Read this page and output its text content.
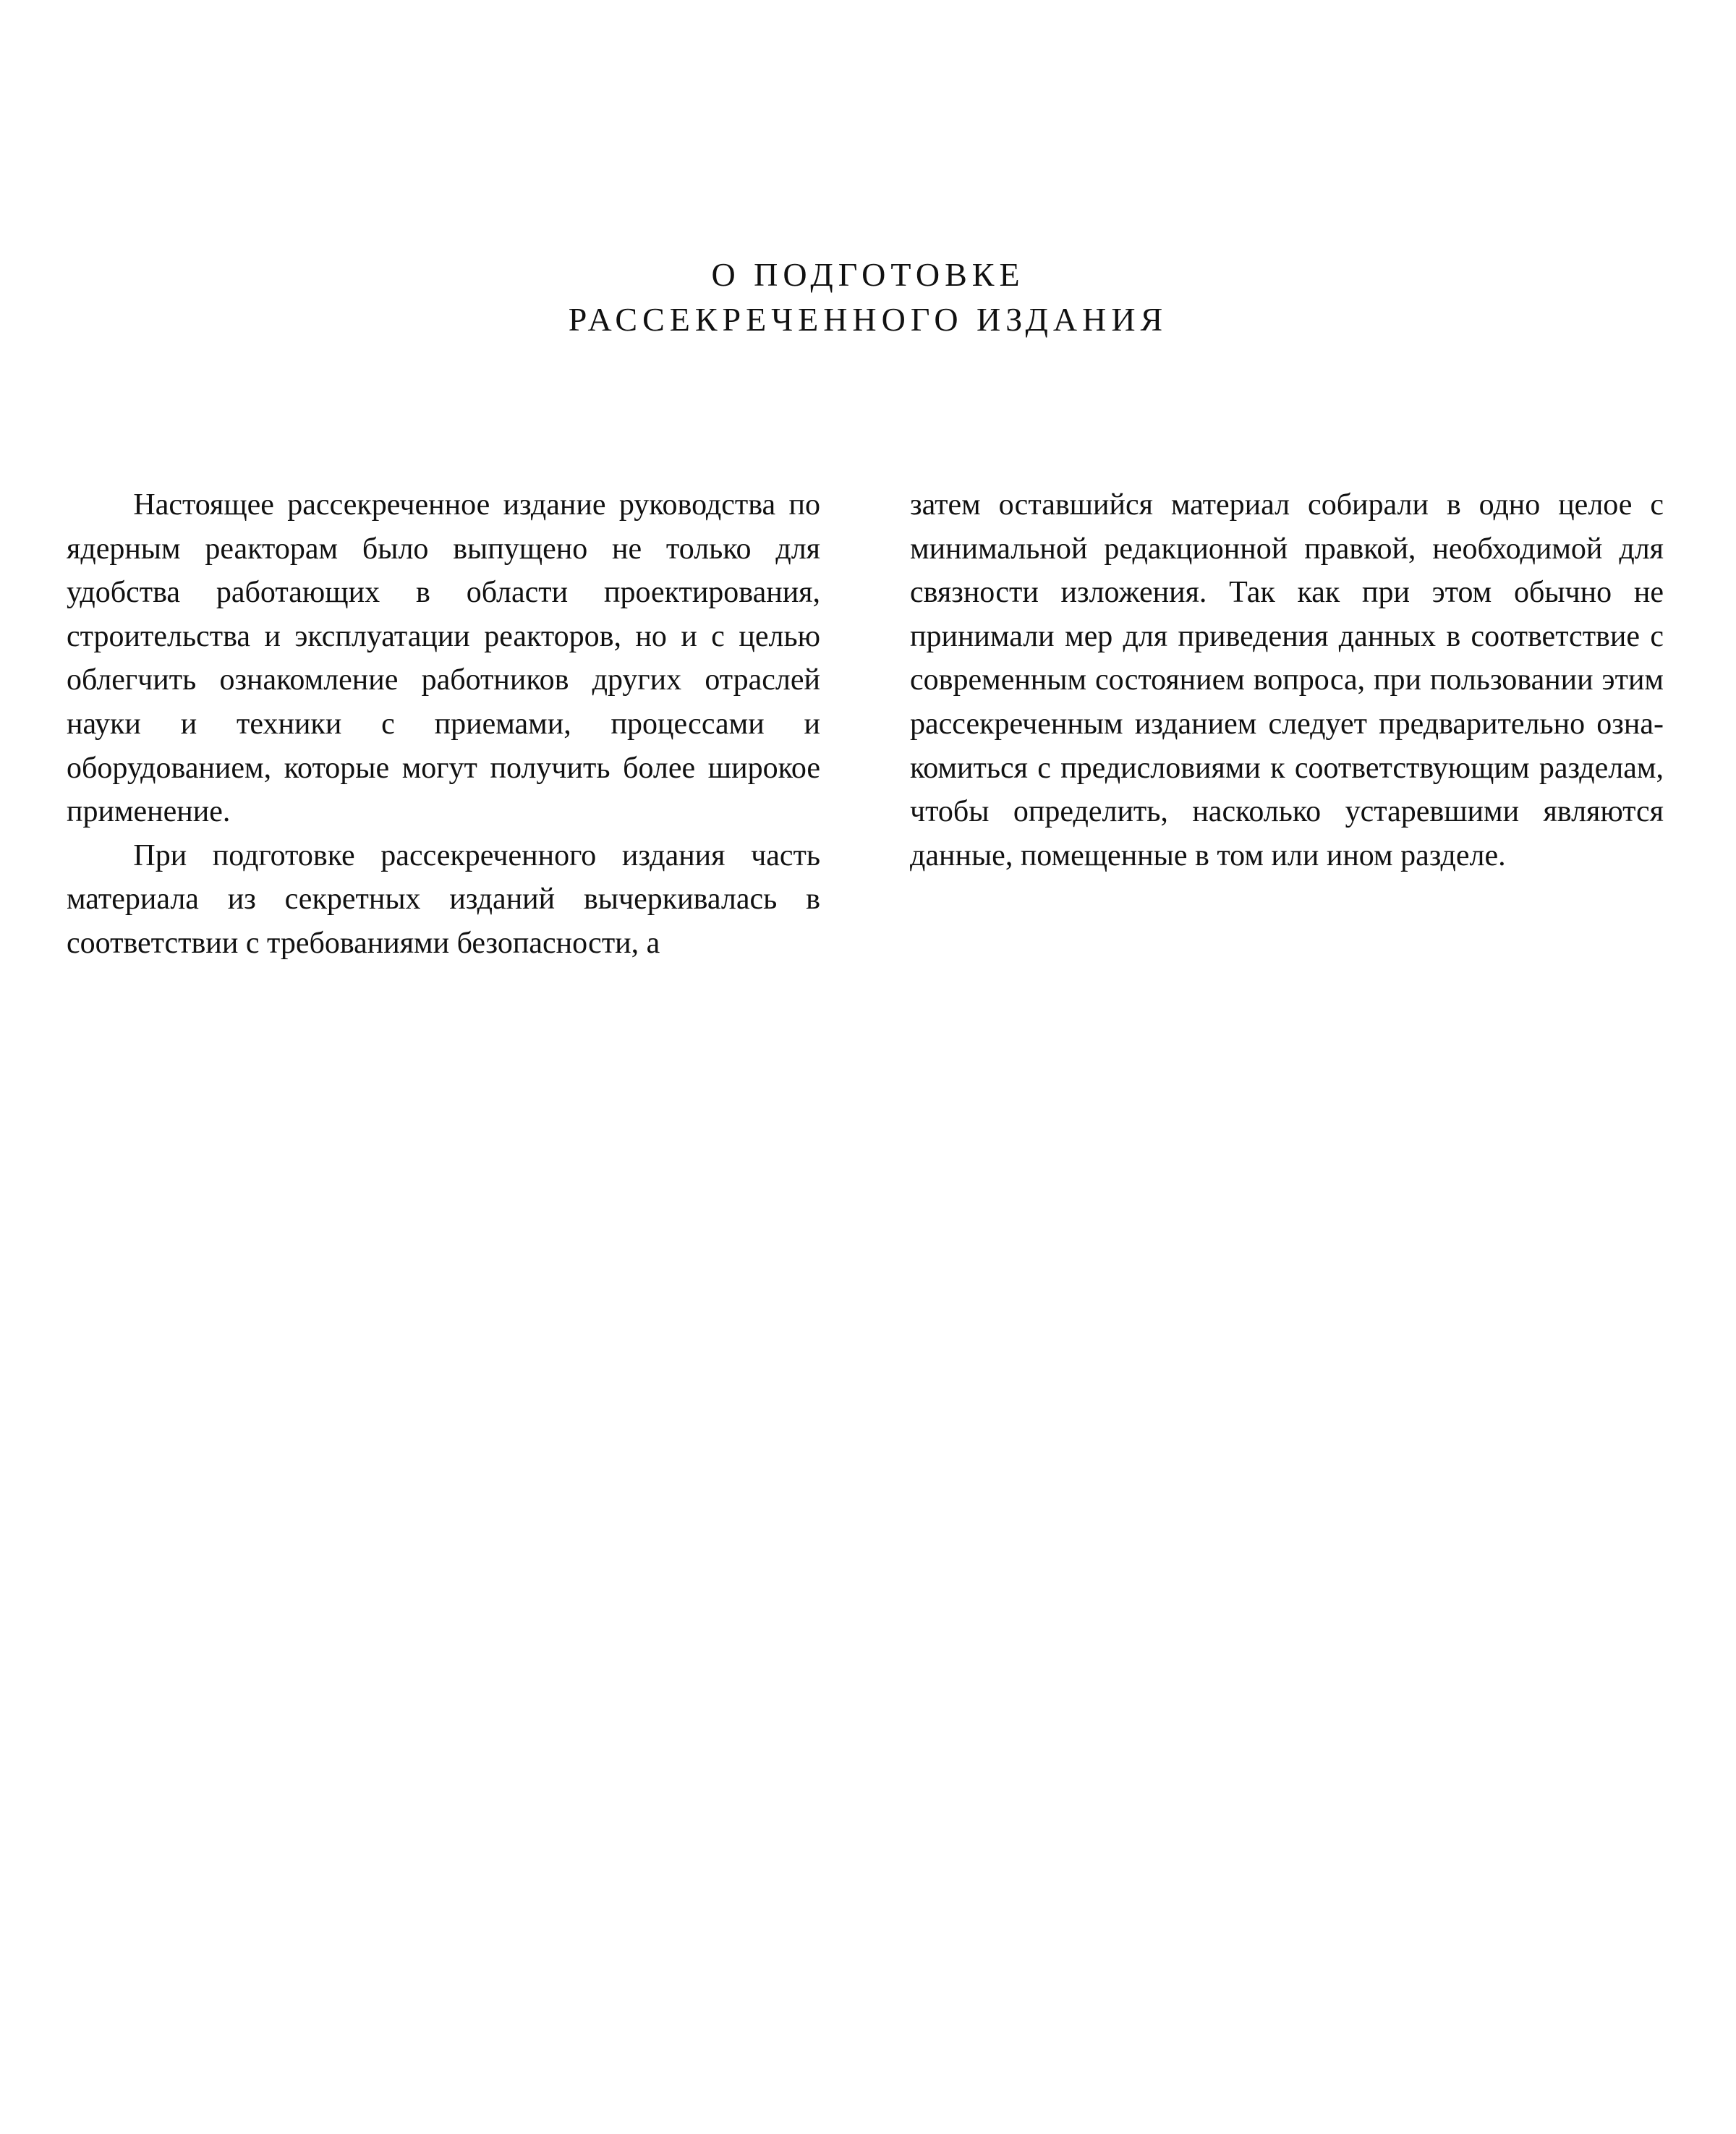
О ПОДГОТОВКЕ
РАССЕКРЕЧЕННОГО ИЗДАНИЯ

Настоящее рассекреченное издание руководства по ядерным реакторам было выпущено не только для удобства работающих в области проектирования, строительства и эксплуатации реакторов, но и с целью облегчить ознакомление работников других отраслей науки и техники с приемами, процессами и оборудованием, которые могут получить более широкое применение.

При подготовке рассекреченного издания часть материала из секретных изданий вычеркивалась в соответствии с требованиями безопасности, а

затем оставшийся материал собирали в одно целое с минимальной редакционной правкой, необходимой для связности изложения. Так как при этом обычно не принимали мер для приведения данных в соответствие с современным состоянием вопроса, при пользовании этим рассекреченным изданием следует предварительно ознакомиться с предисловиями к соответствующим разделам, чтобы определить, насколько устаревшими являются данные, помещенные в том или ином разделе.
